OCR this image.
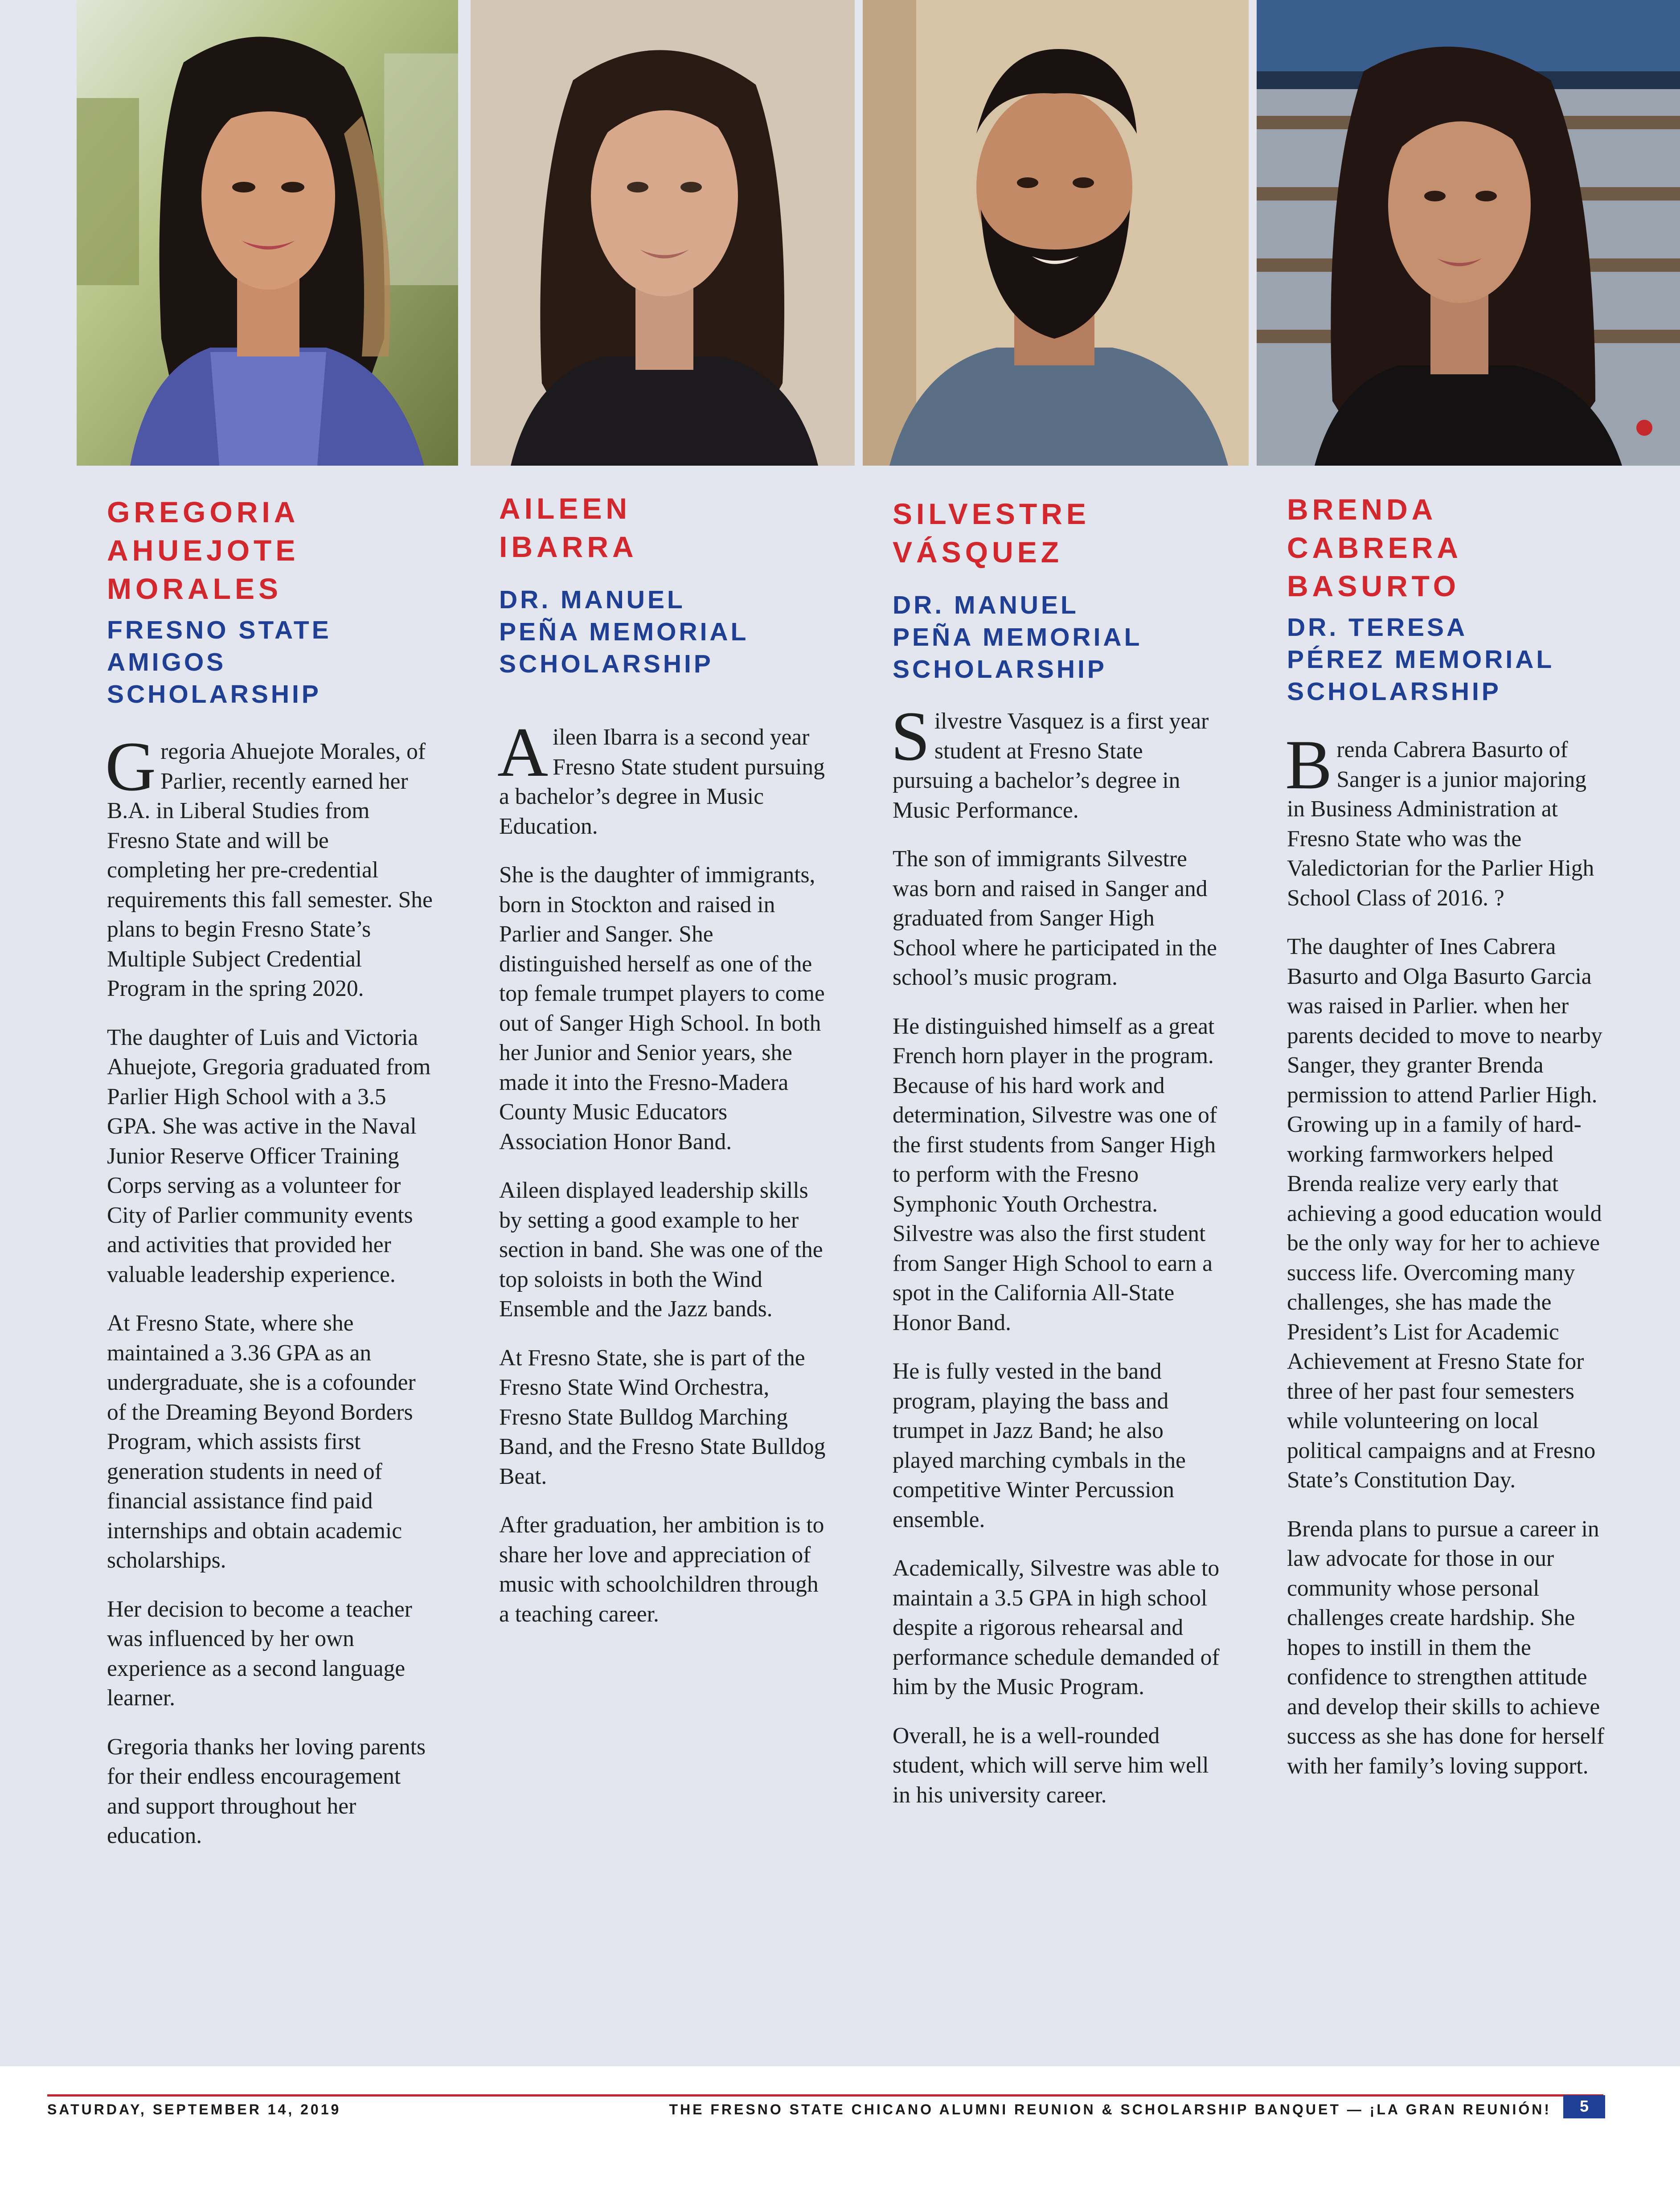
GREGORIA
AHUEJOTE
MORALES
FRESNO STATE
AMIGOS
SCHOLARSHIP

Gregoria Ahuejote Morales, of Parlier, recently earned her B.A. in Liberal Studies from Fresno State and will be completing her pre-credential requirements this fall semester. She plans to begin Fresno State’s Multiple Subject Credential Program in the spring 2020.

The daughter of Luis and Victoria Ahuejote, Gregoria graduated from Parlier High School with a 3.5 GPA. She was active in the Naval Junior Reserve Officer Training Corps serving as a volunteer for City of Parlier community events and activities that provided her valuable leadership experience.

At Fresno State, where she maintained a 3.36 GPA as an undergraduate, she is a cofounder of the Dreaming Beyond Borders Program, which assists first generation students in need of financial assistance find paid internships and obtain academic scholarships.

Her decision to become a teacher was influenced by her own experience as a second language learner.

Gregoria thanks her loving parents for their endless encouragement and support throughout her education.

AILEEN
IBARRA
DR. MANUEL
PEÑA MEMORIAL
SCHOLARSHIP

Aileen Ibarra is a second year Fresno State student pursuing a bachelor’s degree in Music Education.

She is the daughter of immigrants, born in Stockton and raised in Parlier and Sanger. She distinguished herself as one of the top female trumpet players to come out of Sanger High School. In both her Junior and Senior years, she made it into the Fresno-Madera County Music Educators Association Honor Band.

Aileen displayed leadership skills by setting a good example to her section in band. She was one of the top soloists in both the Wind Ensemble and the Jazz bands.

At Fresno State, she is part of the Fresno State Wind Orchestra, Fresno State Bulldog Marching Band, and the Fresno State Bulldog Beat.

After graduation, her ambition is to share her love and appreciation of music with schoolchildren through a teaching career.

SILVESTRE
VÁSQUEZ
DR. MANUEL
PEÑA MEMORIAL
SCHOLARSHIP

Silvestre Vasquez is a first year student at Fresno State pursuing a bachelor’s degree in Music Performance.

The son of immigrants Silvestre was born and raised in Sanger and graduated from Sanger High School where he participated in the school’s music program.

He distinguished himself as a great French horn player in the program. Because of his hard work and determination, Silvestre was one of the first students from Sanger High to perform with the Fresno Symphonic Youth Orchestra. Silvestre was also the first student from Sanger High School to earn a spot in the California All-State Honor Band.

He is fully vested in the band program, playing the bass and trumpet in Jazz Band; he also played marching cymbals in the competitive Winter Percussion ensemble.

Academically, Silvestre was able to maintain a 3.5 GPA in high school despite a rigorous rehearsal and performance schedule demanded of him by the Music Program.

Overall, he is a well-rounded student, which will serve him well in his university career.

BRENDA
CABRERA
BASURTO
DR. TERESA
PÉREZ MEMORIAL
SCHOLARSHIP

Brenda Cabrera Basurto of Sanger is a junior majoring in Business Administration at Fresno State who was the Valedictorian for the Parlier High School Class of 2016. ?

The daughter of Ines Cabrera Basurto and Olga Basurto Garcia was raised in Parlier. when her parents decided to move to nearby Sanger, they granter Brenda permission to attend Parlier High. Growing up in a family of hard-working farmworkers helped Brenda realize very early that achieving a good education would be the only way for her to achieve success life. Overcoming many challenges, she has made the President’s List for Academic Achievement at Fresno State for three of her past four semesters while volunteering on local political campaigns and at Fresno State’s Constitution Day.

Brenda plans to pursue a career in law advocate for those in our community whose personal challenges create hardship. She hopes to instill in them the confidence to strengthen attitude and develop their skills to achieve success as she has done for herself with her family’s loving support.

SATURDAY, SEPTEMBER 14, 2019	THE FRESNO STATE CHICANO ALUMNI REUNION & SCHOLARSHIP BANQUET — ¡LA GRAN REUNIÓN!	5
